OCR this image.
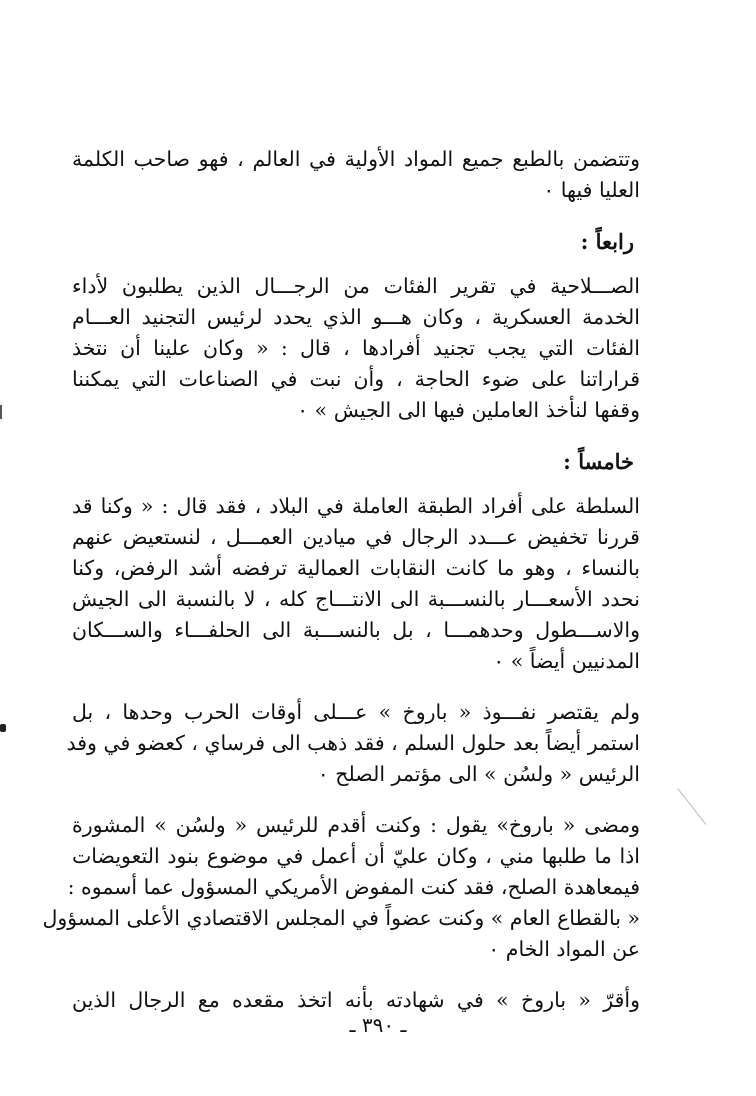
وتتضمن بالطبع جميع المواد الأولية في العالم ، فهو صاحب الكلمة
العليا فيها ٠
رابعاً :
الصـــلاحية في تقرير الفئات من الرجـــال الذين يطلبون لأداء
الخدمة العسكرية ، وكان هـــو الذي يحدد لرئيس التجنيد العـــام
الفئات التي يجب تجنيد أفرادها ، قال : « وكان علينا أن نتخذ
قراراتنا على ضوء الحاجة ، وأن نبت في الصناعات التي يمكننا
وقفها لنأخذ العاملين فيها الى الجيش » ٠
خامساً :
السلطة على أفراد الطبقة العاملة في البلاد ، فقد قال : « وكنا قد
قررنا تخفيض عـــدد الرجال في ميادين العمـــل ، لنستعيض عنهم
بالنساء ، وهو ما كانت النقابات العمالية ترفضه أشد الرفض، وكنا
نحدد الأسعـــار بالنســـبة الى الانتـــاج كله ، لا بالنسبة الى الجيش
والاســـطول وحدهمـــا ، بل بالنســـبة الى الحلفـــاء والســـكان
المدنيين أيضاً » ٠
ولم يقتصر نفـــوذ « باروخ » عـــلى أوقات الحرب وحدها ، بل
استمر أيضاً بعد حلول السلم ، فقد ذهب الى فرساي ، كعضو في وفد
الرئيس « ولسُن » الى مؤتمر الصلح ٠
ومضى « باروخ» يقول : وكنت أقدم للرئيس « ولسُن » المشورة
اذا ما طلبها مني ، وكان عليّ أن أعمل في موضوع بنود التعويضات
فيمعاهدة الصلح، فقد كنت المفوض الأمريكي المسؤول عما أسموه :
« بالقطاع العام » وكنت عضواً في المجلس الاقتصادي الأعلى المسؤول
عن المواد الخام ٠
وأقرّ « باروخ » في شهادته بأنه اتخذ مقعده مع الرجال الذين
ـ ٣٩٠ ـ
